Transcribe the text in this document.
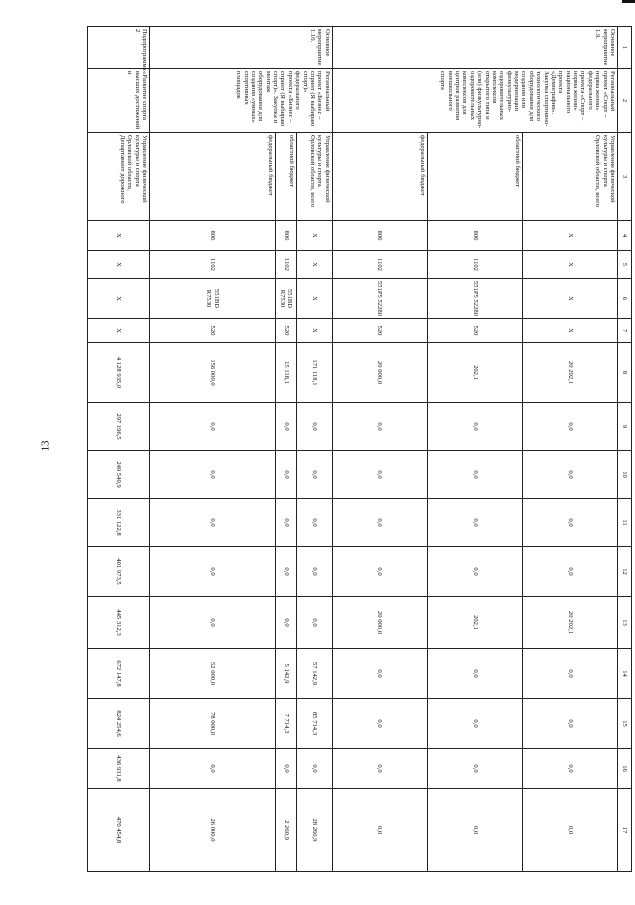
13
1	2	3	4	5	6	7	8	9	10	11	12	13	14	15	16	17
Основное мероприятие 1.9.	Региональный проект «Спорт – норма жизни» федерального проекта «Спорт – норма жизни» национального проекта «Демография». Закупка спортивно-технологического оборудования для создания или модернизации физкультурно-оздоровительных комплексов открытого типа и (или) физкультурно-оздоровительных комплексов для центров развития внешкольного спорта	Управление физической культуры и спорта Орловской области, всего	X	X	X	X	20 202,1	0,0	0,0	0,0	0,0	20 202,1	0,0	0,0	0,0	0,0
		областной бюджет	806	1102	551P5 52280	520	202,1	0,0	0,0	0,0	0,0	202,1	0,0	0,0	0,0	0,0
		федеральный бюджет	806	1102	551P5 52280	520	20 000,0	0,0	0,0	0,0	0,0	20 000,0	0,0	0,0	0,0	0,0
Основное мероприятие 1.10.	Региональный проект «Бизнес – спринт (Я выбираю спорт)» федерального проекта «Бизнес – спринт (Я выбираю спорт)». Закупка и монтаж оборудования для создания «умных» спортивных площадок	Управление физической культуры и спорта Орловской области, всего	X	X	X	X	171 118,1	0,0	0,0	0,0	0,0	0,0	57 142,9	85 714,3	0,0	28 260,9
		областной бюджет	806	1102	551BD R7530	520	15 118,1	0,0	0,0	0,0	0,0	0,0	5 142,9	7 714,3	0,0	2 260,9
		федеральный бюджет	806	1102	551BD R7530	520	156 000,0	0,0	0,0	0,0	0,0	0,0	52 000,0	78 000,0	0,0	26 000,0
Подпрограмма 2	«Развитие спорта высших достижений и	Управление физической культуры и спорта Орловской области, Департамент дорожного	X	X	X	X	4 128 935,0	297 196,5	249 540,9	331 122,8	401 973,5	445 312,3	672 147,8	824 254,6	436 931,8	470 454,8
